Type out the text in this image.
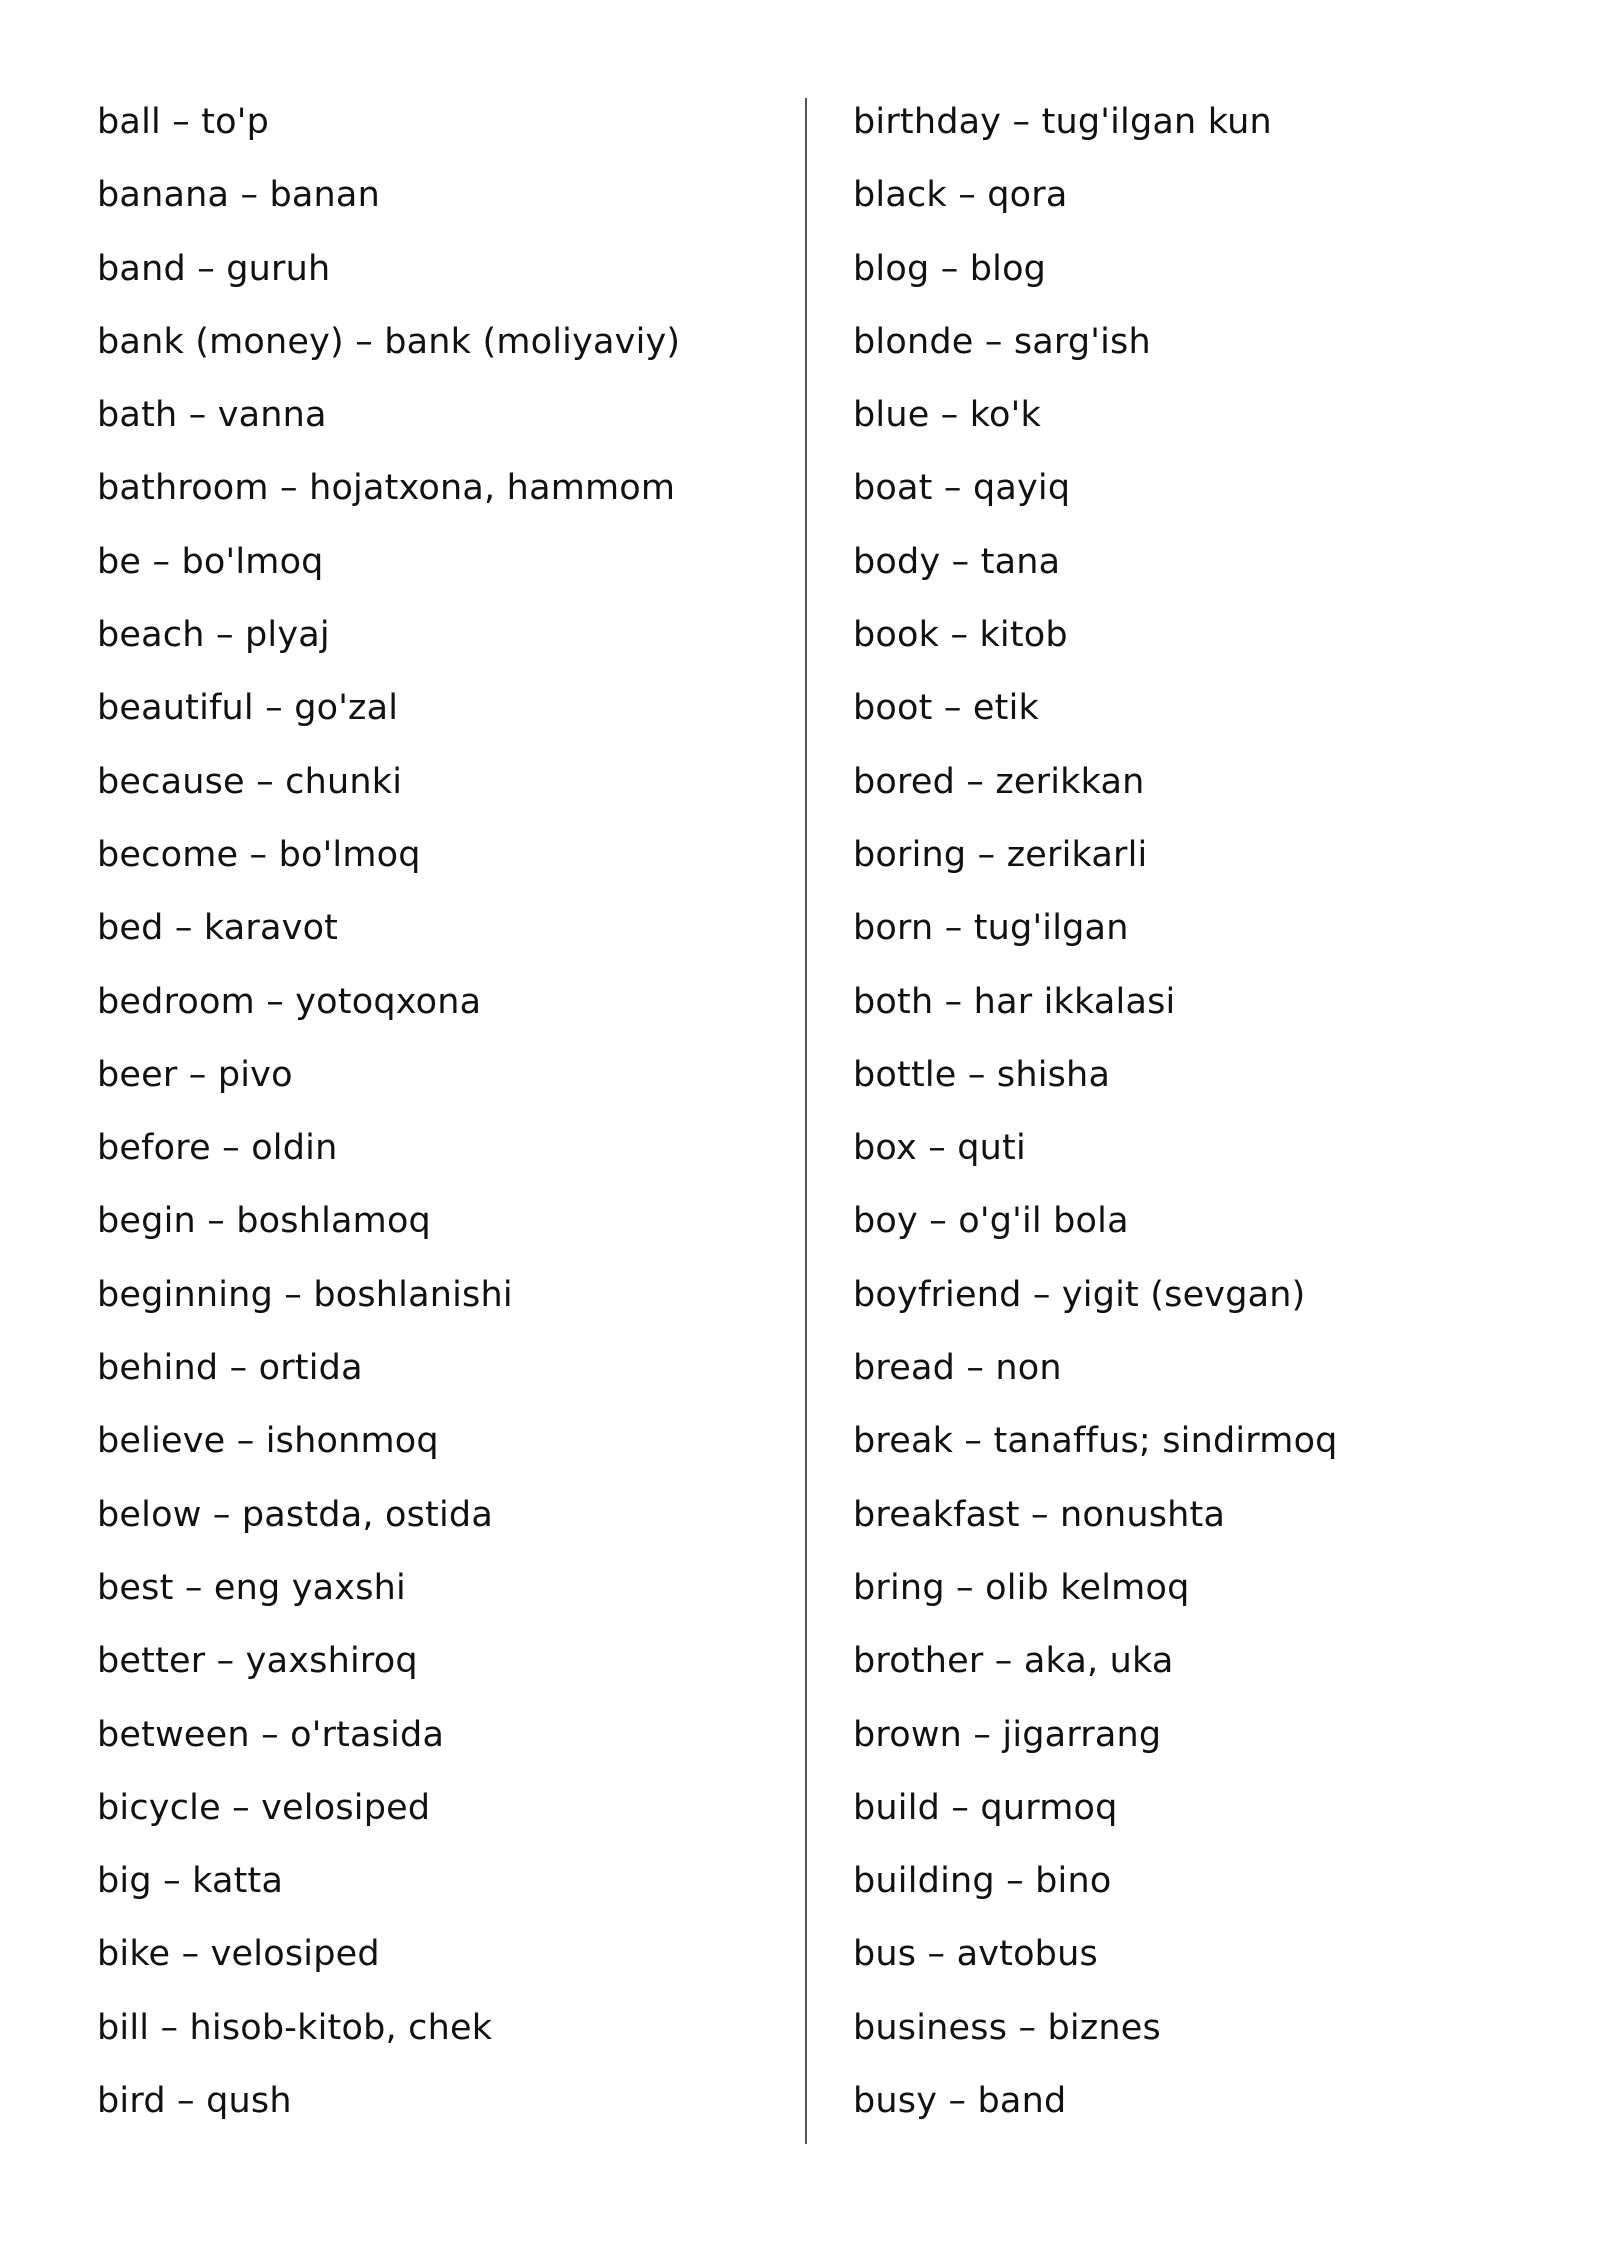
ball – to'p
banana – banan
band – guruh
bank (money) – bank (moliyaviy)
bath – vanna
bathroom – hojatxona, hammom
be – bo'lmoq
beach – plyaj
beautiful – go'zal
because – chunki
become – bo'lmoq
bed – karavot
bedroom – yotoqxona
beer – pivo
before – oldin
begin – boshlamoq
beginning – boshlanishi
behind – ortida
believe – ishonmoq
below – pastda, ostida
best – eng yaxshi
better – yaxshiroq
between – o'rtasida
bicycle – velosiped
big – katta
bike – velosiped
bill – hisob-kitob, chek
bird – qush
birthday – tug'ilgan kun
black – qora
blog – blog
blonde – sarg'ish
blue – ko'k
boat – qayiq
body – tana
book – kitob
boot – etik
bored – zerikkan
boring – zerikarli
born – tug'ilgan
both – har ikkalasi
bottle – shisha
box – quti
boy – o'g'il bola
boyfriend – yigit (sevgan)
bread – non
break – tanaffus; sindirmoq
breakfast – nonushta
bring – olib kelmoq
brother – aka, uka
brown – jigarrang
build – qurmoq
building – bino
bus – avtobus
business – biznes
busy – band
